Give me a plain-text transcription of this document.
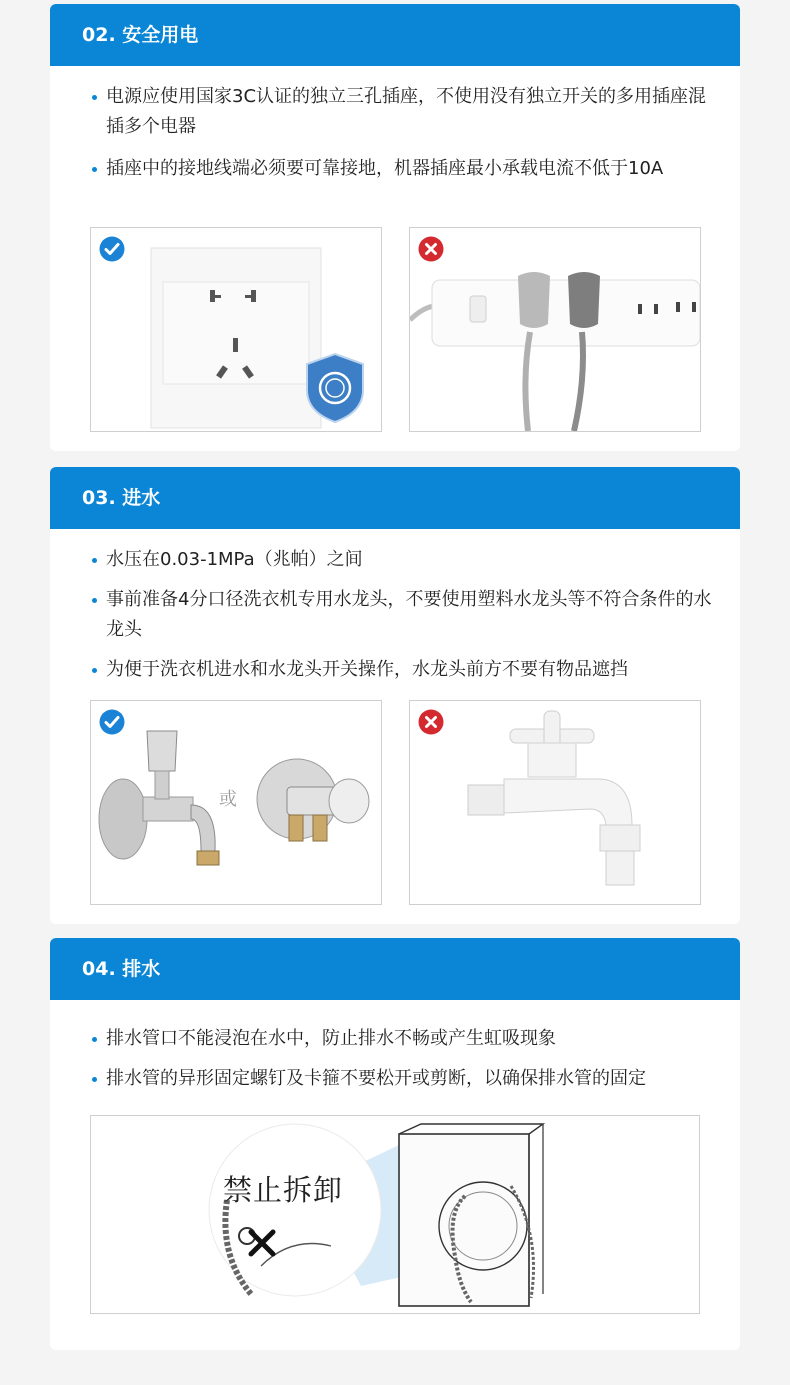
02. 安全用电
电源应使用国家3C认证的独立三孔插座，不使用没有独立开关的多用插座混插多个电器
插座中的接地线端必须要可靠接地，机器插座最小承载电流不低于10A
03. 进水
水压在0.03-1MPa（兆帕）之间
事前准备4分口径洗衣机专用水龙头，不要使用塑料水龙头等不符合条件的水龙头
为便于洗衣机进水和水龙头开关操作，水龙头前方不要有物品遮挡
或
04. 排水
排水管口不能浸泡在水中，防止排水不畅或产生虹吸现象
排水管的异形固定螺钉及卡箍不要松开或剪断，以确保排水管的固定
禁止拆卸
